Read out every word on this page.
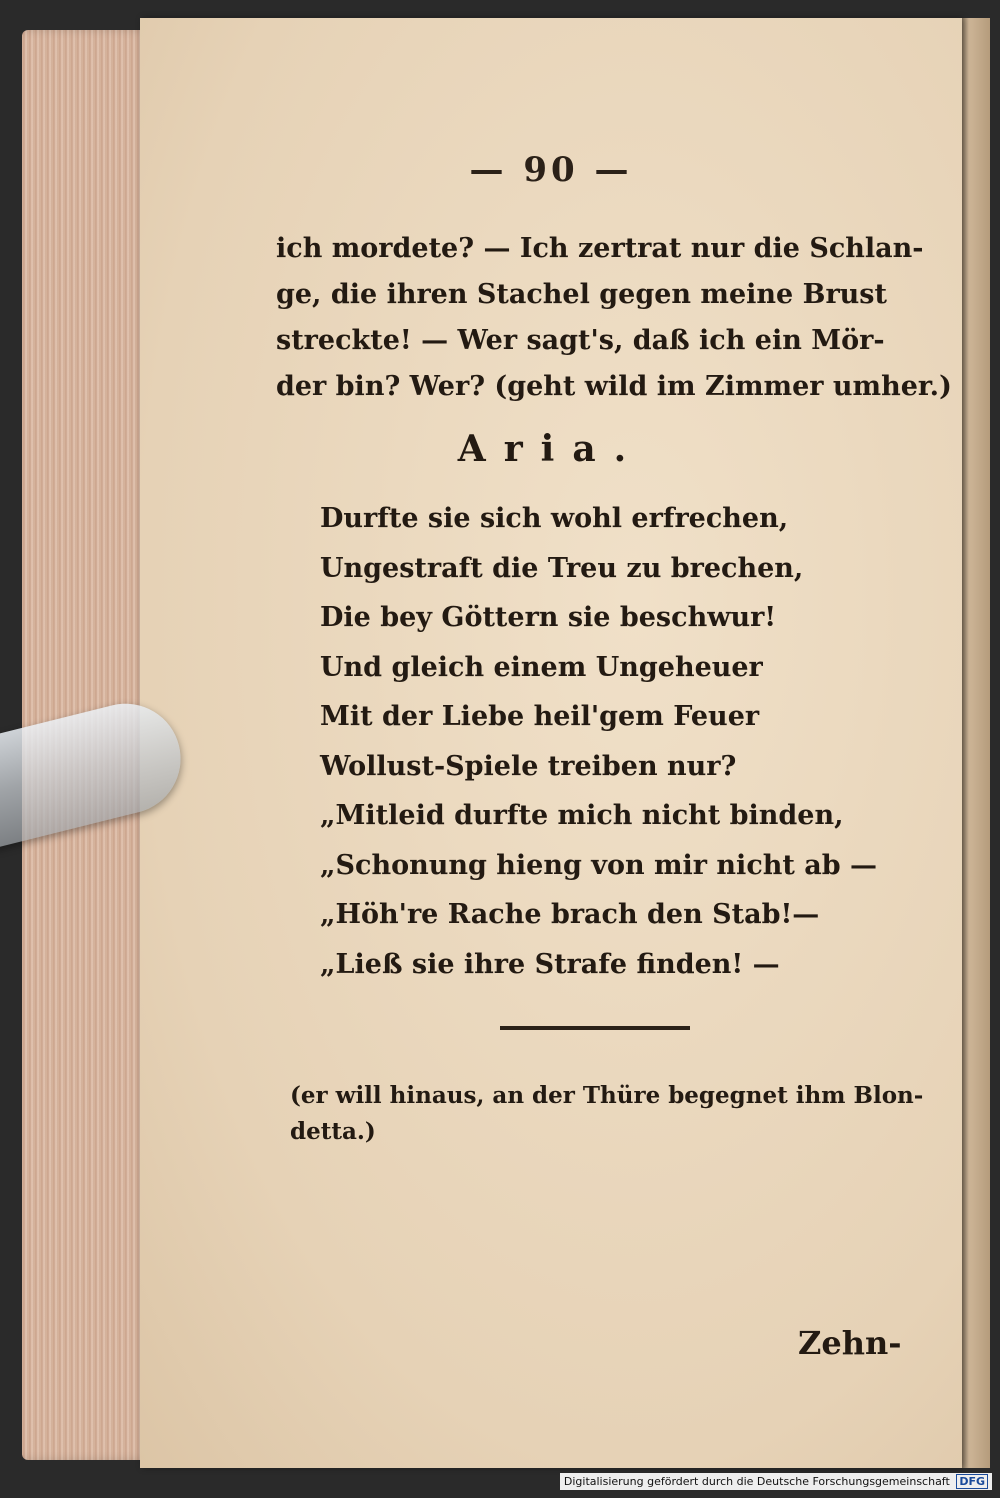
— 90 —
ich mordete? — Ich zertrat nur die Schlan-
ge, die ihren Stachel gegen meine Brust
streckte! — Wer sagt's, daß ich ein Mör-
der bin? Wer? (geht wild im Zimmer umher.)
Aria.
Durfte sie sich wohl erfrechen,
Ungestraft die Treu zu brechen,
Die bey Göttern sie beschwur!
Und gleich einem Ungeheuer
Mit der Liebe heil'gem Feuer
Wollust-Spiele treiben nur?
„Mitleid durfte mich nicht binden,
„Schonung hieng von mir nicht ab —
„Höh're Rache brach den Stab!—
„Ließ sie ihre Strafe finden! —
(er will hinaus, an der Thüre begegnet ihm Blon-
detta.)
Zehn-
Digitalisierung gefördert durch die Deutsche Forschungsgemeinschaft DFG
